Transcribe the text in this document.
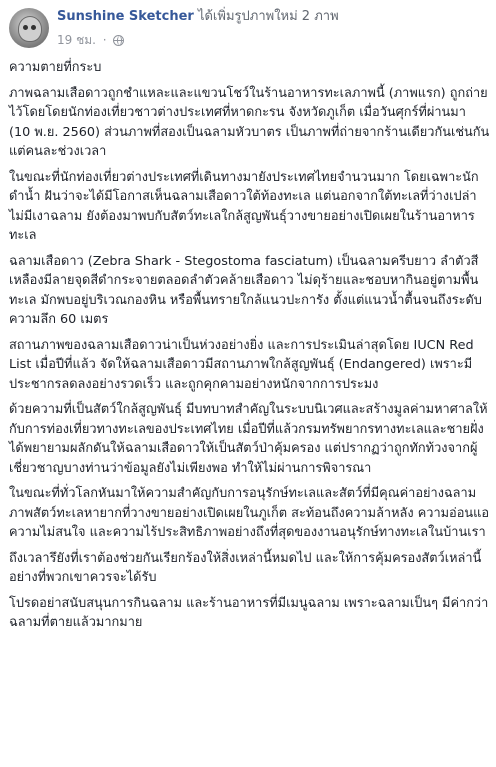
Sunshine Sketcher ได้เพิ่มรูปภาพใหม่ 2 ภาพ
19 ชม. ·

ความตายที่กระบ

ภาพฉลามเสือดาวถูกชำแหละและแขวนโชว์ในร้านอาหารทะเลภาพนี้ (ภาพแรก) ถูกถ่ายไว้โดยโดยนักท่องเที่ยวชาวต่างประเทศที่หาดกะรน จังหวัดภูเก็ต เมื่อวันศุกร์ที่ผ่านมา (10 พ.ย. 2560) ส่วนภาพที่สองเป็นฉลามหัวบาตร เป็นภาพที่ถ่ายจากร้านเดียวกันเช่นกันแต่คนละช่วงเวลา

ในขณะที่นักท่องเที่ยวต่างประเทศที่เดินทางมายังประเทศไทยจำนวนมาก โดยเฉพาะนักดำน้ำ ฝันว่าจะได้มีโอกาสเห็นฉลามเสือดาวใต้ท้องทะเล แต่นอกจากใต้ทะเลที่ว่างเปล่าไม่มีเงาฉลาม ยังต้องมาพบกับสัตว์ทะเลใกล้สูญพันธุ์วางขายอย่างเปิดเผยในร้านอาหารทะเล

ฉลามเสือดาว (Zebra Shark - Stegostoma fasciatum) เป็นฉลามครีบยาว ลำตัวสีเหลืองมีลายจุดสีดำกระจายตลอดลำตัวคล้ายเสือดาว ไม่ดุร้ายและชอบหากินอยู่ตามพื้นทะเล มักพบอยู่บริเวณกองหิน หรือพื้นทรายใกล้แนวปะการัง ตั้งแต่แนวน้ำตื้นจนถึงระดับความลึก 60 เมตร

สถานภาพของฉลามเสือดาวน่าเป็นห่วงอย่างยิ่ง และการประเมินล่าสุดโดย IUCN Red List เมื่อปีที่แล้ว จัดให้ฉลามเสือดาวมีสถานภาพใกล้สูญพันธุ์ (Endangered) เพราะมีประชากรลดลงอย่างรวดเร็ว และถูกคุกคามอย่างหนักจากการประมง

ด้วยความที่เป็นสัตว์ใกล้สูญพันธุ์ มีบทบาทสำคัญในระบบนิเวศและสร้างมูลค่ามหาศาลให้กับการท่องเที่ยวทางทะเลของประเทศไทย เมื่อปีที่แล้วกรมทรัพยากรทางทะเลและชายฝั่งได้พยายามผลักดันให้ฉลามเสือดาวให้เป็นสัตว์ป่าคุ้มครอง แต่ปรากฏว่าถูกทักท้วงจากผู้เชี่ยวชาญบางท่านว่าข้อมูลยังไม่เพียงพอ ทำให้ไม่ผ่านการพิจารณา

ในขณะที่ทั่วโลกหันมาให้ความสำคัญกับการอนุรักษ์ทะเลและสัตว์ที่มีคุณค่าอย่างฉลาม ภาพสัตว์ทะเลหายากที่วางขายอย่างเปิดเผยในภูเก็ต สะท้อนถึงความล้าหลัง ความอ่อนแอ ความไม่สนใจ และความไร้ประสิทธิภาพอย่างถึงที่สุดของงานอนุรักษ์ทางทะเลในบ้านเรา

ถึงเวลารึยังที่เราต้องช่วยกันเรียกร้องให้สิ่งเหล่านี้หมดไป และให้การคุ้มครองสัตว์เหล่านี้อย่างที่พวกเขาควรจะได้รับ

โปรดอย่าสนับสนุนการกินฉลาม และร้านอาหารที่มีเมนูฉลาม เพราะฉลามเป็นๆ มีค่ากว่าฉลามที่ตายแล้วมากมาย
